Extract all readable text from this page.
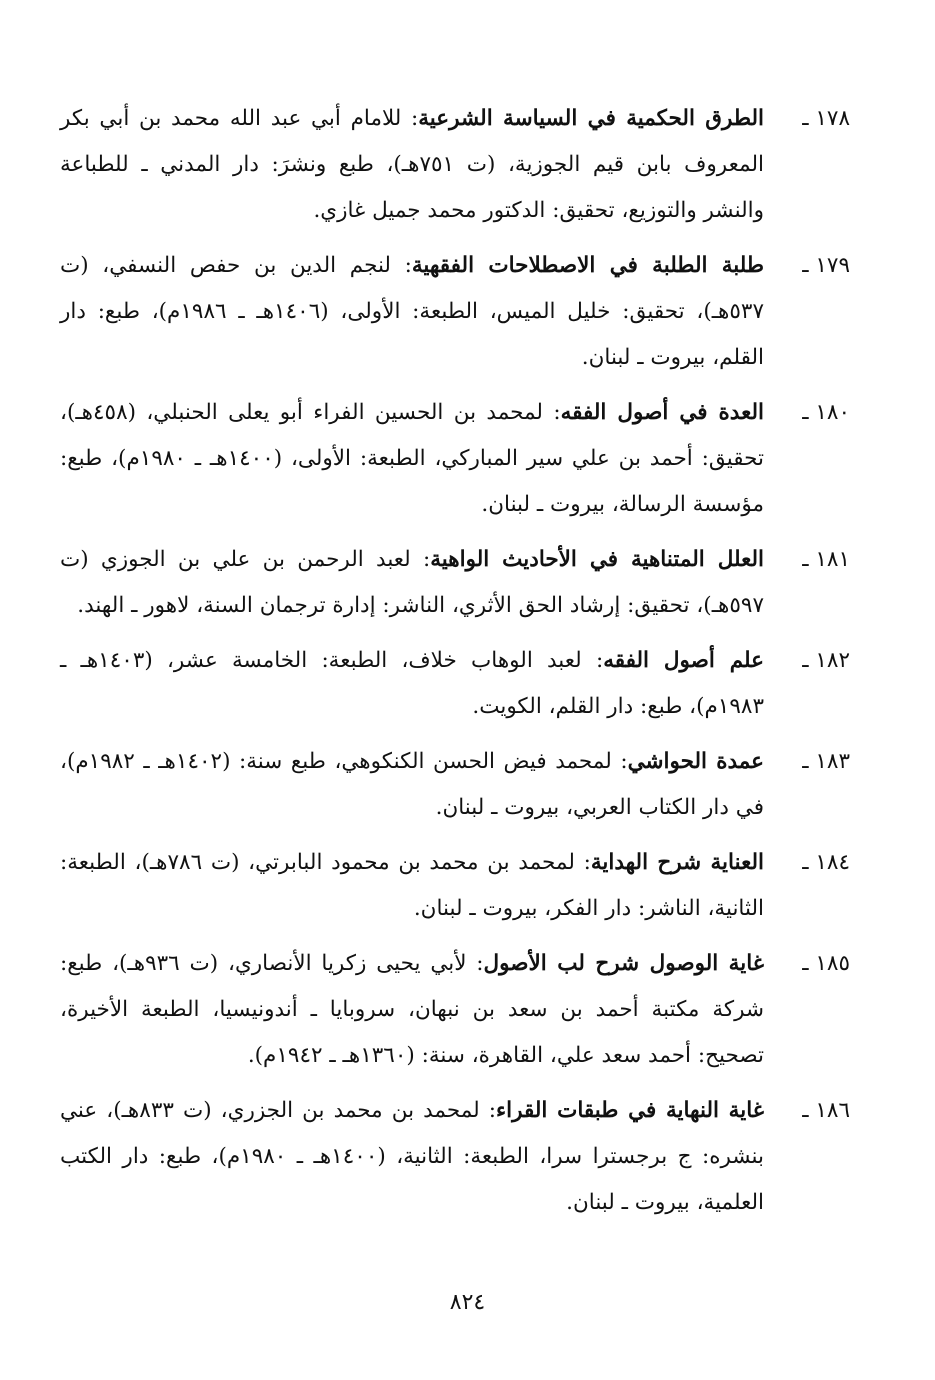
١٧٨ ـ
الطرق الحكمية في السياسة الشرعية: للامام أبي عبد الله محمد بن أبي بكر المعروف بابن قيم الجوزية، (ت ٧٥١هـ)، طبع ونشرَ: دار المدني ـ للطباعة والنشر والتوزيع، تحقيق: الدكتور محمد جميل غازي.
١٧٩ ـ
طلبة الطلبة في الاصطلاحات الفقهية: لنجم الدين بن حفص النسفي، (ت ٥٣٧هـ)، تحقيق: خليل الميس، الطبعة: الأولى، (١٤٠٦هـ ـ ١٩٨٦م)، طبع: دار القلم، بيروت ـ لبنان.
١٨٠ ـ
العدة في أصول الفقه: لمحمد بن الحسين الفراء أبو يعلى الحنبلي، (٤٥٨هـ)، تحقيق: أحمد بن علي سير المباركي، الطبعة: الأولى، (١٤٠٠هـ ـ ١٩٨٠م)، طبع: مؤسسة الرسالة، بيروت ـ لبنان.
١٨١ ـ
العلل المتناهية في الأحاديث الواهية: لعبد الرحمن بن علي بن الجوزي (ت ٥٩٧هـ)، تحقيق: إرشاد الحق الأثري، الناشر: إدارة ترجمان السنة، لاهور ـ الهند.
١٨٢ ـ
علم أصول الفقه: لعبد الوهاب خلاف، الطبعة: الخامسة عشر، (١٤٠٣هـ ـ ١٩٨٣م)، طبع: دار القلم، الكويت.
١٨٣ ـ
عمدة الحواشي: لمحمد فيض الحسن الكنكوهي، طبع سنة: (١٤٠٢هـ ـ ١٩٨٢م)، في دار الكتاب العربي، بيروت ـ لبنان.
١٨٤ ـ
العناية شرح الهداية: لمحمد بن محمد بن محمود البابرتي، (ت ٧٨٦هـ)، الطبعة: الثانية، الناشر: دار الفكر، بيروت ـ لبنان.
١٨٥ ـ
غاية الوصول شرح لب الأصول: لأبي يحيى زكريا الأنصاري، (ت ٩٣٦هـ)، طبع: شركة مكتبة أحمد بن سعد بن نبهان، سروبايا ـ أندونيسيا، الطبعة الأخيرة، تصحيح: أحمد سعد علي، القاهرة، سنة: (١٣٦٠هـ ـ ١٩٤٢م).
١٨٦ ـ
غاية النهاية في طبقات القراء: لمحمد بن محمد بن الجزري، (ت ٨٣٣هـ)، عني بنشره: ج برجسترا سرا، الطبعة: الثانية، (١٤٠٠هـ ـ ١٩٨٠م)، طبع: دار الكتب العلمية، بيروت ـ لبنان.
٨٢٤
